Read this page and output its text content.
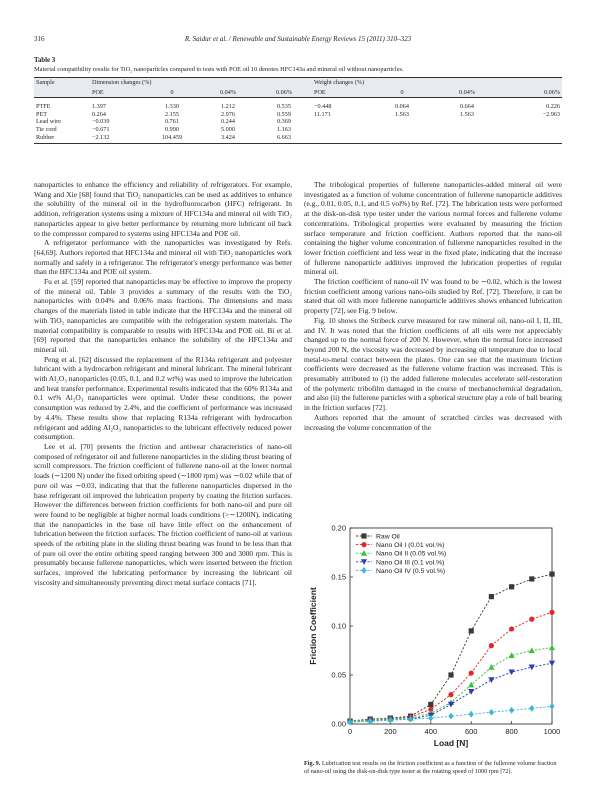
316	R. Saidur et al. / Renewable and Sustainable Energy Reviews 15 (2011) 310–323
Table 3
Material compatibility results for TiO₂ nanoparticles compared to tests with POE oil 10 denotes HFC143a and mineral oil without nanoparticles.
Sample	Dimension changes (%)				Weight changes (%)			
	POE	0	0.04%	0.06%	POE	0	0.04%	0.06%

PTFE	1.397	1.330	1.212	0.535	−0.448	0.064	0.664	0.226
PET	0.264	2.155	2.976	0.559	11.171	1.563	1.563	−2.963
Lead wire	−0.039	0.761	0.244	0.369				
Tie cord	−0.671	0.990	5.000	1.163				
Rubber	−2.132	104.459	3.424	6.663				

nanoparticles to enhance the efficiency and reliability of refrigerators. For example, Wang and Xie [68] found that TiO₂ nanoparticles can be used as additives to enhance the solubility of the mineral oil in the hydrofluorocarbon (HFC) refrigerant. In addition, refrigeration systems using a mixture of HFC134a and mineral oil with TiO₂ nanoparticles appear to give better performance by returning more lubricant oil back to the compressor compared to systems using HFC134a and POE oil.

A refrigerator performance with the nanoparticles was investigated by Refs. [64,69]. Authors reported that HFC134a and mineral oil with TiO₂ nanoparticles work normally and safely in a refrigerator. The refrigerator's energy performance was better than the HFC134a and POE oil system.

Fu et al. [59] reported that nanoparticles may be effective to improve the property of the mineral oil. Table 3 provides a summary of the results with the TiO₂ nanoparticles with 0.04% and 0.06% mass fractions. The dimensions and mass changes of the materials listed in table indicate that the HFC134a and the mineral oil with TiO₂ nanoparticles are compatible with the refrigeration system materials. The material compatibility is comparable to results with HFC134a and POE oil. Bi et al. [69] reported that the nanoparticles enhance the solubility of the HFC134a and mineral oil.

Peng et al. [62] discussed the replacement of the R134a refrigerant and polyester lubricant with a hydrocarbon refrigerant and mineral lubricant. The mineral lubricant with Al₂O₃ nanoparticles (0.05, 0.1, and 0.2 wt%) was used to improve the lubrication and heat transfer performance. Experimental results indicated that the 60% R134a and 0.1 wt% Al₂O₃ nanoparticles were optimal. Under these conditions, the power consumption was reduced by 2.4%, and the coefficient of performance was increased by 4.4%. These results show that replacing R134a refrigerant with hydrocarbon refrigerant and adding Al₂O₃ nanoparticles to the lubricant effectively reduced power consumption.

Lee et al. [70] presents the friction and antiwear characteristics of nano-oil composed of refrigerator oil and fullerene nanoparticles in the sliding thrust bearing of scroll compressors. The friction coefficient of fullerene nano-oil at the lower normal loads (∼1200 N) under the fixed orbiting speed (∼1800 rpm) was ∼0.02 while that of pure oil was ∼0.03, indicating that that the fullerene nanoparticles dispersed in the base refrigerant oil improved the lubrication property by coating the friction surfaces. However the differences between friction coefficients for both nano-oil and pure oil were found to be negligible at higher normal loads conditions (>∼1200N), indicating that the nanoparticles in the base oil have little effect on the enhancement of lubrication between the friction surfaces. The friction coefficient of nano-oil at various speeds of the orbiting plate in the sliding thrust bearing was found to be less than that of pure oil over the entire orbiting speed ranging between 300 and 3000 rpm. This is presumably because fullerene nanoparticles, which were inserted between the friction surfaces, improved the lubricating performance by increasing the lubricant oil viscosity and simultaneously preventing direct metal surface contacts [71].

The tribological properties of fullerene nanoparticles-added mineral oil were investigated as a function of volume concentration of fullerene nanoparticle additives (e.g., 0.01, 0.05, 0.1, and 0.5 vol%) by Ref. [72]. The lubrication tests were performed at the disk-on-disk type tester under the various normal forces and fullerene volume concentrations. Tribological properties were evaluated by measuring the friction surface temperature and friction coefficient. Authors reported that the nano-oil containing the higher volume concentration of fullerene nanoparticles resulted in the lower friction coefficient and less wear in the fixed plate, indicating that the increase of fullerene nanoparticle additives improved the lubrication properties of regular mineral oil.

The friction coefficient of nano-oil IV was found to be ∼0.02, which is the lowest friction coefficient among various nano-oils studied by Ref. [72]. Therefore, it can be stated that oil with more fullerene nanoparticle additives shows enhanced lubrication property [72], see Fig. 9 below.

Fig. 10 shows the Stribeck curve measured for raw mineral oil, nano-oil I, II, III, and IV. It was noted that the friction coefficients of all oils were not appreciably changed up to the normal force of 200 N. However, when the normal force increased beyond 200 N, the viscosity was decreased by increasing oil temperature due to local metal-to-metal contact between the plates. One can see that the maximum friction coefficients were decreased as the fullerene volume fraction was increased. This is presumably attributed to (i) the added fullerene molecules accelerate self-restoration of the polymeric tribofilm damaged in the course of mechanochemical degradation, and also (ii) the fullerene particles with a spherical structure play a role of ball bearing in the friction surfaces [72].

Authors reported that the amount of scratched circles was decreased with increasing the volume concentration of the

0	200	400	600	800	1000
0.00
0.05
0.10
0.15
0.20
Load [N]
Friction Coefficient
Raw Oil
Nano Oil I (0.01 vol.%)
Nano Oil II (0.05 vol.%)
Nano Oil III (0.1 vol.%)
Nano Oil IV (0.5 vol.%)
Fig. 9. Lubrication test results on the friction coefficient as a function of the fullerene volume fraction of nano-oil using the disk-on-disk type tester at the rotating speed of 1000 rpm [72].
